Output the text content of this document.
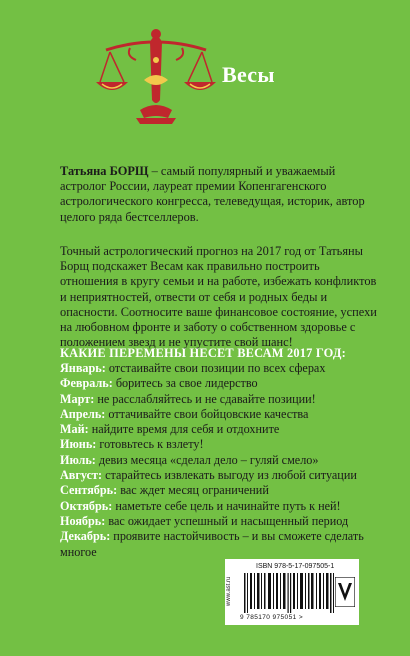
Весы
Татьяна БОРЩ – самый популярный и уважаемый астролог России, лауреат премии Копенгагенского астрологического конгресса, телеведущая, историк, автор целого ряда бестселлеров.

Точный астрологический прогноз на 2017 год от Татьяны Борщ подскажет Весам как правильно построить отношения в кругу семьи и на работе, избежать конфликтов и неприятностей, отвести от себя и родных беды и опасности. Соотносите ваше финансовое состояние, успехи на любовном фронте и заботу о собственном здоровье с положением звезд и не упустите свой шанс!

КАКИЕ ПЕРЕМЕНЫ НЕСЕТ ВЕСАМ 2017 ГОД:
Январь: отстаивайте свои позиции по всех сферах
Февраль: боритесь за свое лидерство
Март: не расслабляйтесь и не сдавайте позиции!
Апрель: оттачивайте свои бойцовские качества
Май: найдите время для себя и отдохните
Июнь: готовьтесь к взлету!
Июль: девиз месяца «сделал дело – гуляй смело»
Август: старайтесь извлекать выгоду из любой ситуации
Сентябрь: вас ждет месяц ограничений
Октябрь: наметьте себе цель и начинайте путь к ней!
Ноябрь: вас ожидает успешный и насыщенный период
Декабрь: проявите настойчивость – и вы сможете сделать многое
www.ast.ru
ISBN 978-5-17-097505-1
9 785170 975051 >
